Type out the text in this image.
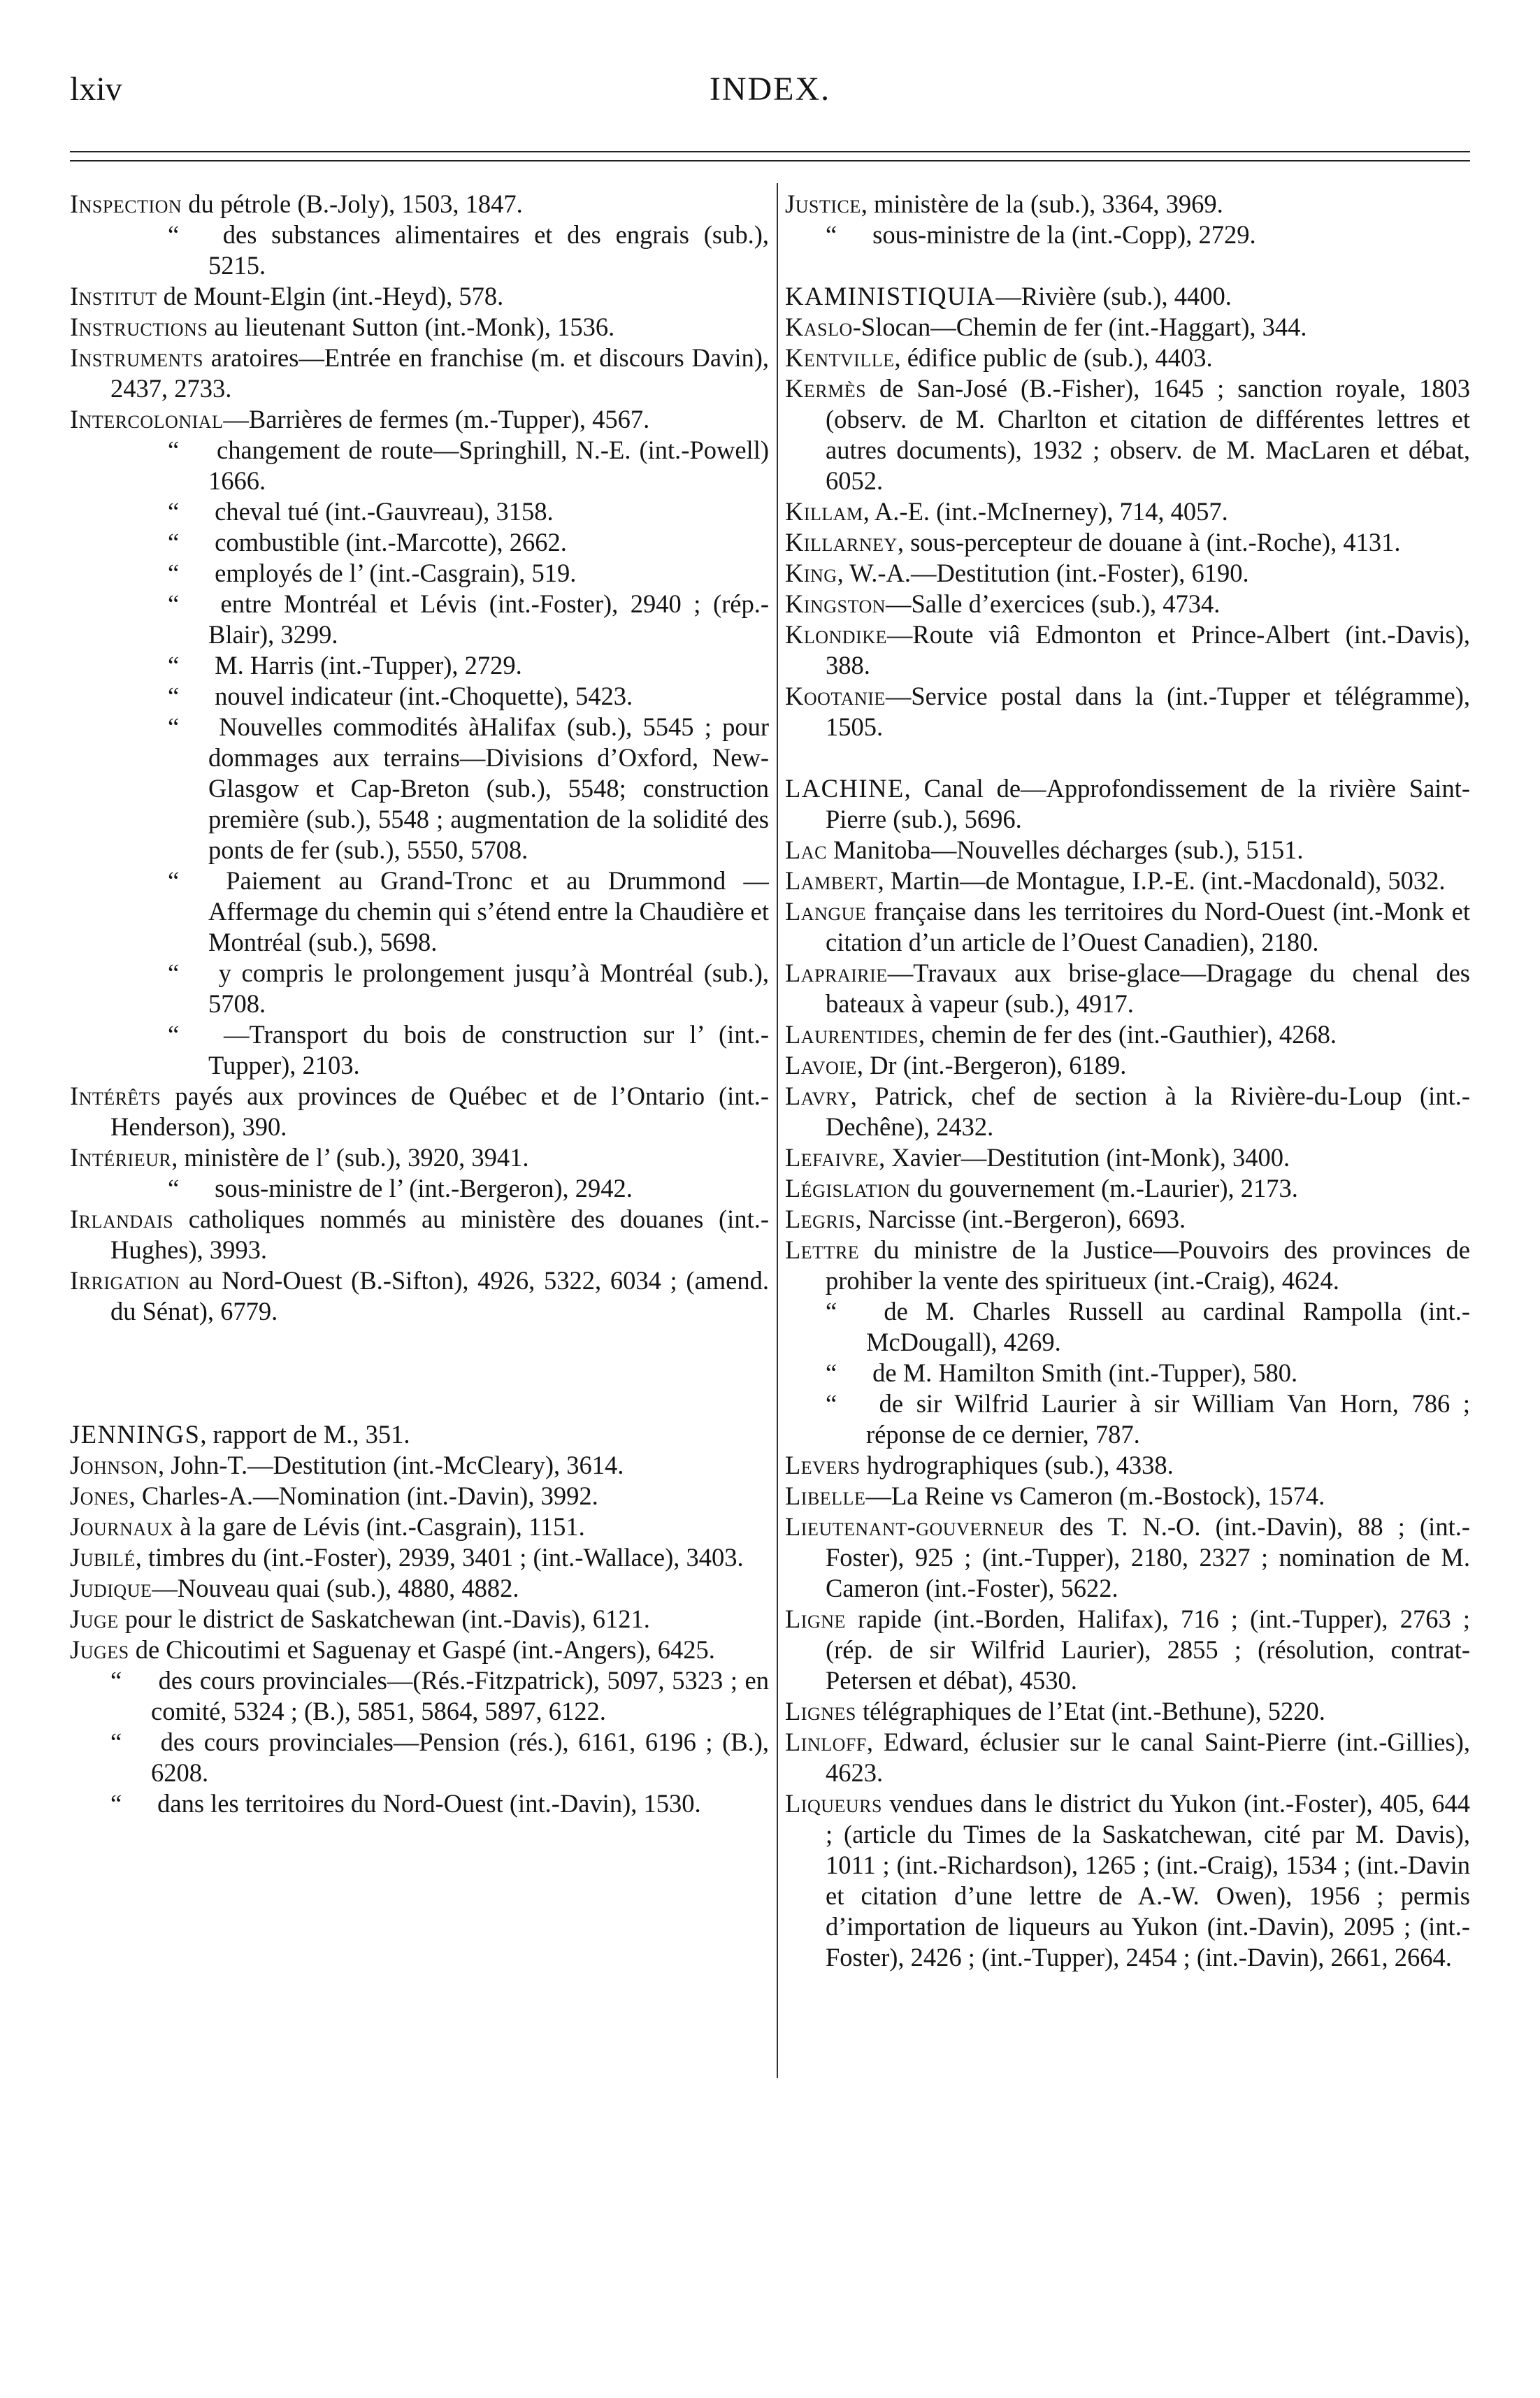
lxiv	INDEX.
Inspection du pétrole (B.-Joly), 1503, 1847.
“ des substances alimentaires et des engrais (sub.), 5215.
Institut de Mount-Elgin (int.-Heyd), 578.
Instructions au lieutenant Sutton (int.-Monk), 1536.
Instruments aratoires—Entrée en franchise (m. et discours Davin), 2437, 2733.
Intercolonial—Barrières de fermes (m.-Tupper), 4567.
“ changement de route—Springhill, N.-E. (int.-Powell) 1666.
“ cheval tué (int.-Gauvreau), 3158.
“ combustible (int.-Marcotte), 2662.
“ employés de l’ (int.-Casgrain), 519.
“ entre Montréal et Lévis (int.-Foster), 2940 ; (rép.-Blair), 3299.
“ M. Harris (int.-Tupper), 2729.
“ nouvel indicateur (int.-Choquette), 5423.
“ Nouvelles commodités àHalifax (sub.), 5545 ; pour dommages aux terrains—Divisions d’Oxford, New-Glasgow et Cap-Breton (sub.), 5548; construction première (sub.), 5548 ; augmentation de la solidité des ponts de fer (sub.), 5550, 5708.
“ Paiement au Grand-Tronc et au Drummond — Affermage du chemin qui s’étend entre la Chaudière et Montréal (sub.), 5698.
“ y compris le prolongement jusqu’à Montréal (sub.), 5708.
“ —Transport du bois de construction sur l’ (int.-Tupper), 2103.
Intérêts payés aux provinces de Québec et de l’Ontario (int.-Henderson), 390.
Intérieur, ministère de l’ (sub.), 3920, 3941.
“ sous-ministre de l’ (int.-Bergeron), 2942.
Irlandais catholiques nommés au ministère des douanes (int.-Hughes), 3993.
Irrigation au Nord-Ouest (B.-Sifton), 4926, 5322, 6034 ; (amend. du Sénat), 6779.
JENNINGS, rapport de M., 351.
Johnson, John-T.—Destitution (int.-McCleary), 3614.
Jones, Charles-A.—Nomination (int.-Davin), 3992.
Journaux à la gare de Lévis (int.-Casgrain), 1151.
Jubilé, timbres du (int.-Foster), 2939, 3401 ; (int.-Wallace), 3403.
Judique—Nouveau quai (sub.), 4880, 4882.
Juge pour le district de Saskatchewan (int.-Davis), 6121.
Juges de Chicoutimi et Saguenay et Gaspé (int.-Angers), 6425.
“ des cours provinciales—(Rés.-Fitzpatrick), 5097, 5323 ; en comité, 5324 ; (B.), 5851, 5864, 5897, 6122.
“ des cours provinciales—Pension (rés.), 6161, 6196 ; (B.), 6208.
“ dans les territoires du Nord-Ouest (int.-Davin), 1530.
Justice, ministère de la (sub.), 3364, 3969.
“ sous-ministre de la (int.-Copp), 2729.
KAMINISTIQUIA—Rivière (sub.), 4400.
Kaslo-Slocan—Chemin de fer (int.-Haggart), 344.
Kentville, édifice public de (sub.), 4403.
Kermès de San-José (B.-Fisher), 1645 ; sanction royale, 1803 (observ. de M. Charlton et citation de différentes lettres et autres documents), 1932 ; observ. de M. MacLaren et débat, 6052.
Killam, A.-E. (int.-McInerney), 714, 4057.
Killarney, sous-percepteur de douane à (int.-Roche), 4131.
King, W.-A.—Destitution (int.-Foster), 6190.
Kingston—Salle d’exercices (sub.), 4734.
Klondike—Route viâ Edmonton et Prince-Albert (int.-Davis), 388.
Kootanie—Service postal dans la (int.-Tupper et télégramme), 1505.
LACHINE, Canal de—Approfondissement de la rivière Saint-Pierre (sub.), 5696.
Lac Manitoba—Nouvelles décharges (sub.), 5151.
Lambert, Martin—de Montague, I.P.-E. (int.-Macdonald), 5032.
Langue française dans les territoires du Nord-Ouest (int.-Monk et citation d’un article de l’Ouest Canadien), 2180.
Laprairie—Travaux aux brise-glace—Dragage du chenal des bateaux à vapeur (sub.), 4917.
Laurentides, chemin de fer des (int.-Gauthier), 4268.
Lavoie, Dr (int.-Bergeron), 6189.
Lavry, Patrick, chef de section à la Rivière-du-Loup (int.-Dechêne), 2432.
Lefaivre, Xavier—Destitution (int-Monk), 3400.
Législation du gouvernement (m.-Laurier), 2173.
Legris, Narcisse (int.-Bergeron), 6693.
Lettre du ministre de la Justice—Pouvoirs des provinces de prohiber la vente des spiritueux (int.-Craig), 4624.
“ de M. Charles Russell au cardinal Rampolla (int.-McDougall), 4269.
“ de M. Hamilton Smith (int.-Tupper), 580.
“ de sir Wilfrid Laurier à sir William Van Horn, 786 ; réponse de ce dernier, 787.
Levers hydrographiques (sub.), 4338.
Libelle—La Reine vs Cameron (m.-Bostock), 1574.
Lieutenant-gouverneur des T. N.-O. (int.-Davin), 88 ; (int.-Foster), 925 ; (int.-Tupper), 2180, 2327 ; nomination de M. Cameron (int.-Foster), 5622.
Ligne rapide (int.-Borden, Halifax), 716 ; (int.-Tupper), 2763 ; (rép. de sir Wilfrid Laurier), 2855 ; (résolution, contrat-Petersen et débat), 4530.
Lignes télégraphiques de l’Etat (int.-Bethune), 5220.
Linloff, Edward, éclusier sur le canal Saint-Pierre (int.-Gillies), 4623.
Liqueurs vendues dans le district du Yukon (int.-Foster), 405, 644 ; (article du Times de la Saskatchewan, cité par M. Davis), 1011 ; (int.-Richardson), 1265 ; (int.-Craig), 1534 ; (int.-Davin et citation d’une lettre de A.-W. Owen), 1956 ; permis d’importation de liqueurs au Yukon (int.-Davin), 2095 ; (int.-Foster), 2426 ; (int.-Tupper), 2454 ; (int.-Davin), 2661, 2664.
